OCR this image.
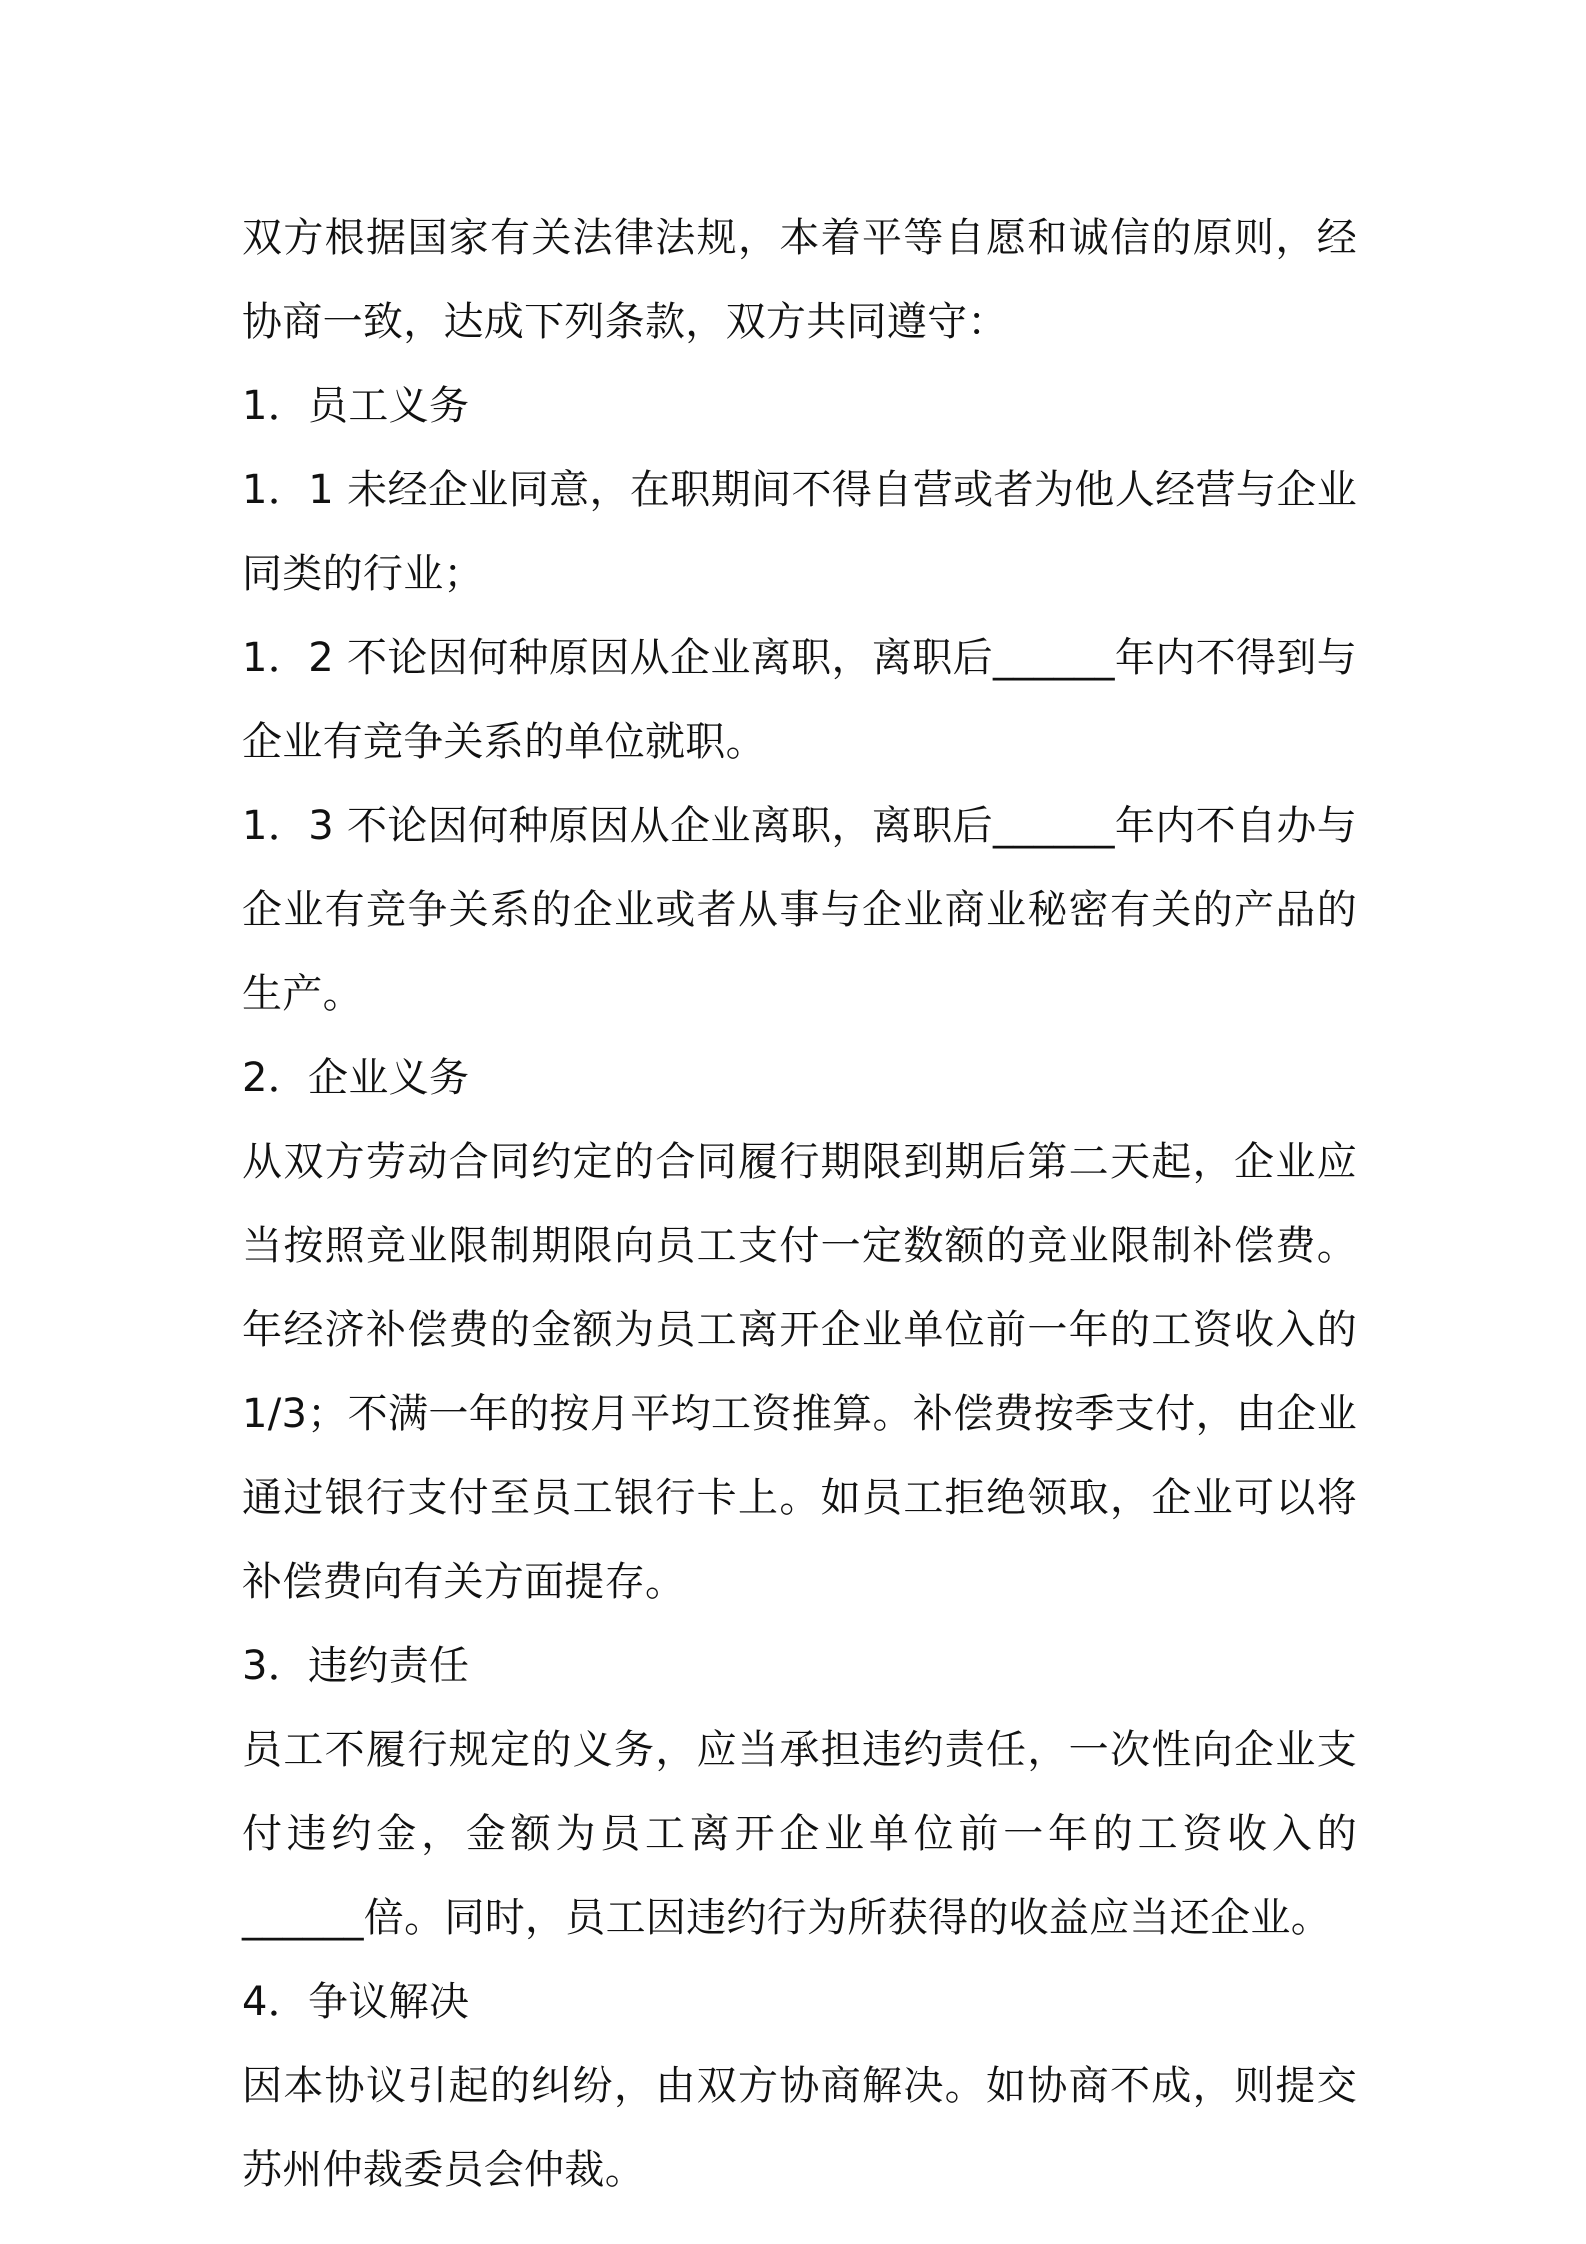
双方根据国家有关法律法规，本着平等自愿和诚信的原则，经协商一致，达成下列条款，双方共同遵守：

1．员工义务

1．1 未经企业同意，在职期间不得自营或者为他人经营与企业同类的行业；

1．2 不论因何种原因从企业离职，离职后______年内不得到与企业有竞争关系的单位就职。

1．3 不论因何种原因从企业离职，离职后______年内不自办与企业有竞争关系的企业或者从事与企业商业秘密有关的产品的生产。

2．企业义务

从双方劳动合同约定的合同履行期限到期后第二天起，企业应当按照竞业限制期限向员工支付一定数额的竞业限制补偿费。年经济补偿费的金额为员工离开企业单位前一年的工资收入的 1/3；不满一年的按月平均工资推算。补偿费按季支付，由企业通过银行支付至员工银行卡上。如员工拒绝领取，企业可以将补偿费向有关方面提存。

3．违约责任

员工不履行规定的义务，应当承担违约责任，一次性向企业支付违约金，金额为员工离开企业单位前一年的工资收入的______倍。同时，员工因违约行为所获得的收益应当还企业。

4．争议解决

因本协议引起的纠纷，由双方协商解决。如协商不成，则提交苏州仲裁委员会仲裁。
